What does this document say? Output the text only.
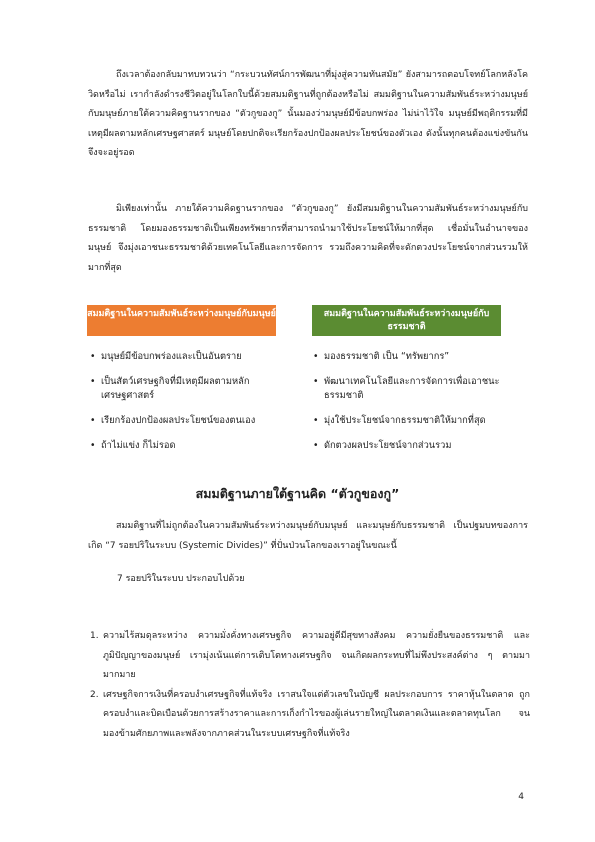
ถึงเวลาต้องกลับมาทบทวนว่า “กระบวนทัศน์การพัฒนาที่มุ่งสู่ความทันสมัย” ยังสามารถตอบโจทย์โลกหลังโควิดหรือไม่ เรากำลังดำรงชีวิตอยู่ในโลกใบนี้ด้วยสมมติฐานที่ถูกต้องหรือไม่ สมมติฐานในความสัมพันธ์ระหว่างมนุษย์กับมนุษย์ภายใต้ความคิดฐานรากของ “ตัวกูของกู” นั้นมองว่ามนุษย์มีข้อบกพร่อง ไม่น่าไว้ใจ มนุษย์มีพฤติกรรมที่มีเหตุมีผลตามหลักเศรษฐศาสตร์ มนุษย์โดยปกติจะเรียกร้องปกป้องผลประโยชน์ของตัวเอง ดังนั้นทุกคนต้องแข่งขันกันจึงจะอยู่รอด

มิเพียงเท่านั้น ภายใต้ความคิดฐานรากของ “ตัวกูของกู” ยังมีสมมติฐานในความสัมพันธ์ระหว่างมนุษย์กับธรรมชาติ โดยมองธรรมชาติเป็นเพียงทรัพยากรที่สามารถนำมาใช้ประโยชน์ให้มากที่สุด เชื่อมั่นในอำนาจของมนุษย์ จึงมุ่งเอาชนะธรรมชาติด้วยเทคโนโลยีและการจัดการ รวมถึงความคิดที่จะดักตวงประโยชน์จากส่วนรวมให้มากที่สุด

สมมติฐานในความสัมพันธ์ระหว่างมนุษย์กับมนุษย์	สมมติฐานในความสัมพันธ์ระหว่างมนุษย์กับธรรมชาติ
• มนุษย์มีข้อบกพร่องและเป็นอันตราย
• เป็นสัตว์เศรษฐกิจที่มีเหตุมีผลตามหลักเศรษฐศาสตร์
• เรียกร้องปกป้องผลประโยชน์ของตนเอง
• ถ้าไม่แข่ง ก็ไม่รอด
• มองธรรมชาติ เป็น “ทรัพยากร”
• พัฒนาเทคโนโลยีและการจัดการเพื่อเอาชนะธรรมชาติ
• มุ่งใช้ประโยชน์จากธรรมชาติให้มากที่สุด
• ดักตวงผลประโยชน์จากส่วนรวม
สมมติฐานภายใต้ฐานคิด “ตัวกูของกู”

สมมติฐานที่ไม่ถูกต้องในความสัมพันธ์ระหว่างมนุษย์กับมนุษย์ และมนุษย์กับธรรมชาติ เป็นปฐมบทของการเกิด “7 รอยปริในระบบ (Systemic Divides)” ที่ปั่นป่วนโลกของเราอยู่ในขณะนี้

7 รอยปริในระบบ ประกอบไปด้วย

1. ความไร้สมดุลระหว่าง ความมั่งคั่งทางเศรษฐกิจ ความอยู่ดีมีสุขทางสังคม ความยั่งยืนของธรรมชาติ และภูมิปัญญาของมนุษย์ เรามุ่งเน้นแต่การเติบโตทางเศรษฐกิจ จนเกิดผลกระทบที่ไม่พึงประสงค์ต่าง ๆ ตามมามากมาย
2. เศรษฐกิจการเงินที่ครอบงำเศรษฐกิจที่แท้จริง เราสนใจแต่ตัวเลขในบัญชี ผลประกอบการ ราคาหุ้นในตลาด ถูกครอบงำและบิดเบือนด้วยการสร้างราคาและการเก็งกำไรของผู้เล่นรายใหญ่ในตลาดเงินและตลาดทุนโลก จนมองข้ามศักยภาพและพลังจากภาคส่วนในระบบเศรษฐกิจที่แท้จริง
4
